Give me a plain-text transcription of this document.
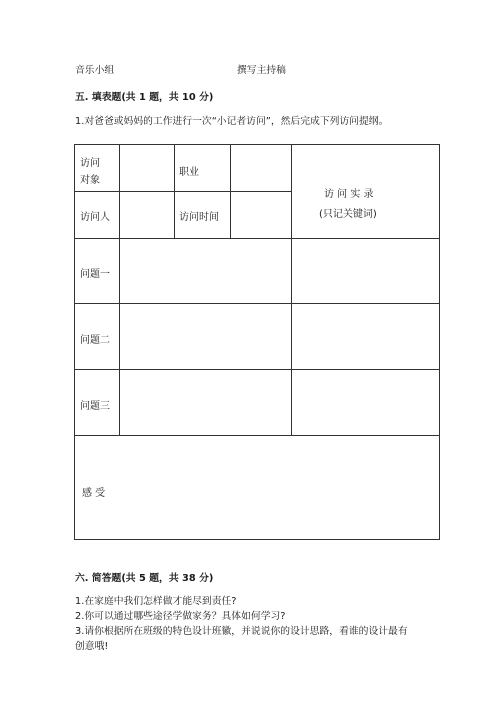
音乐小组	撰写主持稿
五. 填表题(共 1 题，共 10 分)
1.对爸爸或妈妈的工作进行一次“小记者访问”，然后完成下列访问提纲。
访问
对象
职业
访问人	访问时间
访 问 实 录
(只记关键词)
问题一
问题二
问题三
感 受
六. 简答题(共 5 题，共 38 分)
1.在家庭中我们怎样做才能尽到责任?
2.你可以通过哪些途径学做家务？具体如何学习?
3.请你根据所在班级的特色设计班徽，并说说你的设计思路，看谁的设计最有
创意哦!
